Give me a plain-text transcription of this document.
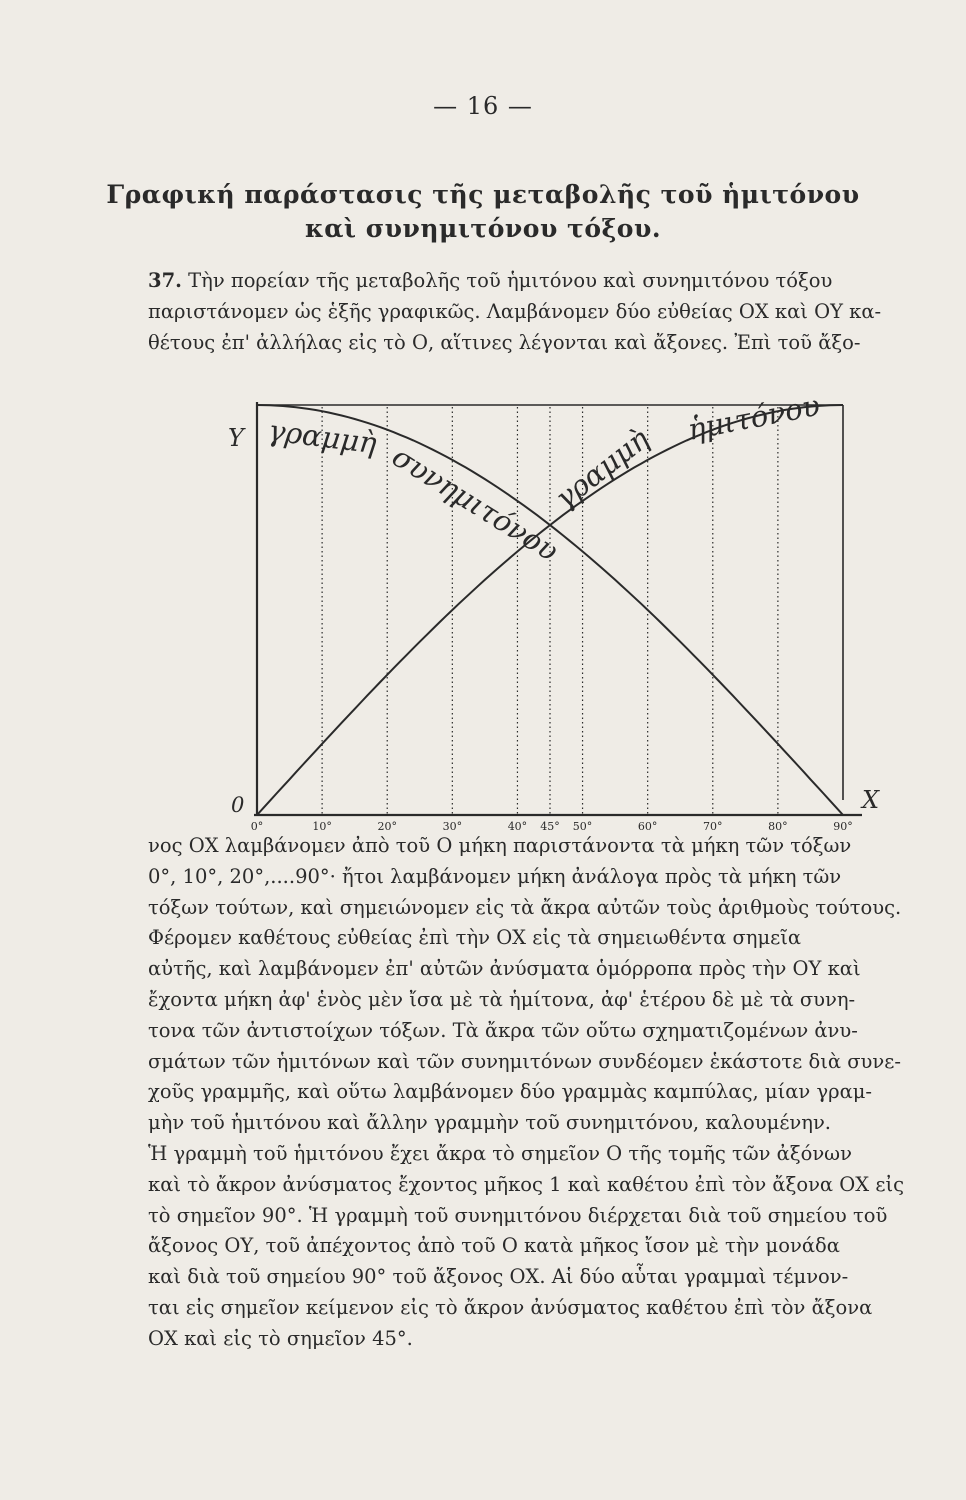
— 16 —
Γραφική παράστασις τῆς μεταβολῆς τοῦ ἡμιτόνου
καὶ συνημιτόνου τόξου.

37. Τὴν πορείαν τῆς μεταβολῆς τοῦ ἡμιτόνου καὶ συνημιτόνου τόξου

παριστάνομεν ὡς ἑξῆς γραφικῶς. Λαμβάνομεν δύο εὐθείας ΟΧ καὶ ΟΥ κα-

θέτους ἐπ' ἀλλήλας εἰς τὸ Ο, αἵτινες λέγονται καὶ ἄξονες. Ἐπὶ τοῦ ἄξο-

0°	10°	20°	30°	40° 45° 50°	60°	70°	80°	90°
Υ
0	Χ
γραμμὴ
συνημιτόνου
γραμμὴ
ἡμιτόνου

νος ΟΧ λαμβάνομεν ἀπὸ τοῦ Ο μήκη παριστάνοντα τὰ μήκη τῶν τόξων

0°, 10°, 20°,....90°· ἤτοι λαμβάνομεν μήκη ἀνάλογα πρὸς τὰ μήκη τῶν

τόξων τούτων, καὶ σημειώνομεν εἰς τὰ ἄκρα αὐτῶν τοὺς ἀριθμοὺς τούτους.

Φέρομεν καθέτους εὐθείας ἐπὶ τὴν ΟΧ εἰς τὰ σημειωθέντα σημεῖα

αὐτῆς, καὶ λαμβάνομεν ἐπ' αὐτῶν ἀνύσματα ὁμόρροπα πρὸς τὴν ΟΥ καὶ

ἔχοντα μήκη ἀφ' ἑνὸς μὲν ἴσα μὲ τὰ ἡμίτονα, ἀφ' ἑτέρου δὲ μὲ τὰ συνη-

τονα τῶν ἀντιστοίχων τόξων. Τὰ ἄκρα τῶν οὕτω σχηματιζομένων ἀνυ-

σμάτων τῶν ἡμιτόνων καὶ τῶν συνημιτόνων συνδέομεν ἑκάστοτε διὰ συνε-

χοῦς γραμμῆς, καὶ οὕτω λαμβάνομεν δύο γραμμὰς καμπύλας, μίαν γραμ-

μὴν τοῦ ἡμιτόνου καὶ ἄλλην γραμμὴν τοῦ συνημιτόνου, καλουμένην.

Ἡ γραμμὴ τοῦ ἡμιτόνου ἔχει ἄκρα τὸ σημεῖον Ο τῆς τομῆς τῶν ἀξόνων

καὶ τὸ ἄκρον ἀνύσματος ἔχοντος μῆκος 1 καὶ καθέτου ἐπὶ τὸν ἄξονα ΟΧ εἰς

τὸ σημεῖον 90°. Ἡ γραμμὴ τοῦ συνημιτόνου διέρχεται διὰ τοῦ σημείου τοῦ

ἄξονος ΟΥ, τοῦ ἀπέχοντος ἀπὸ τοῦ Ο κατὰ μῆκος ἴσον μὲ τὴν μονάδα

καὶ διὰ τοῦ σημείου 90° τοῦ ἄξονος ΟΧ. Αἱ δύο αὗται γραμμαὶ τέμνον-

ται εἰς σημεῖον κείμενον εἰς τὸ ἄκρον ἀνύσματος καθέτου ἐπὶ τὸν ἄξονα

ΟΧ καὶ εἰς τὸ σημεῖον 45°.
